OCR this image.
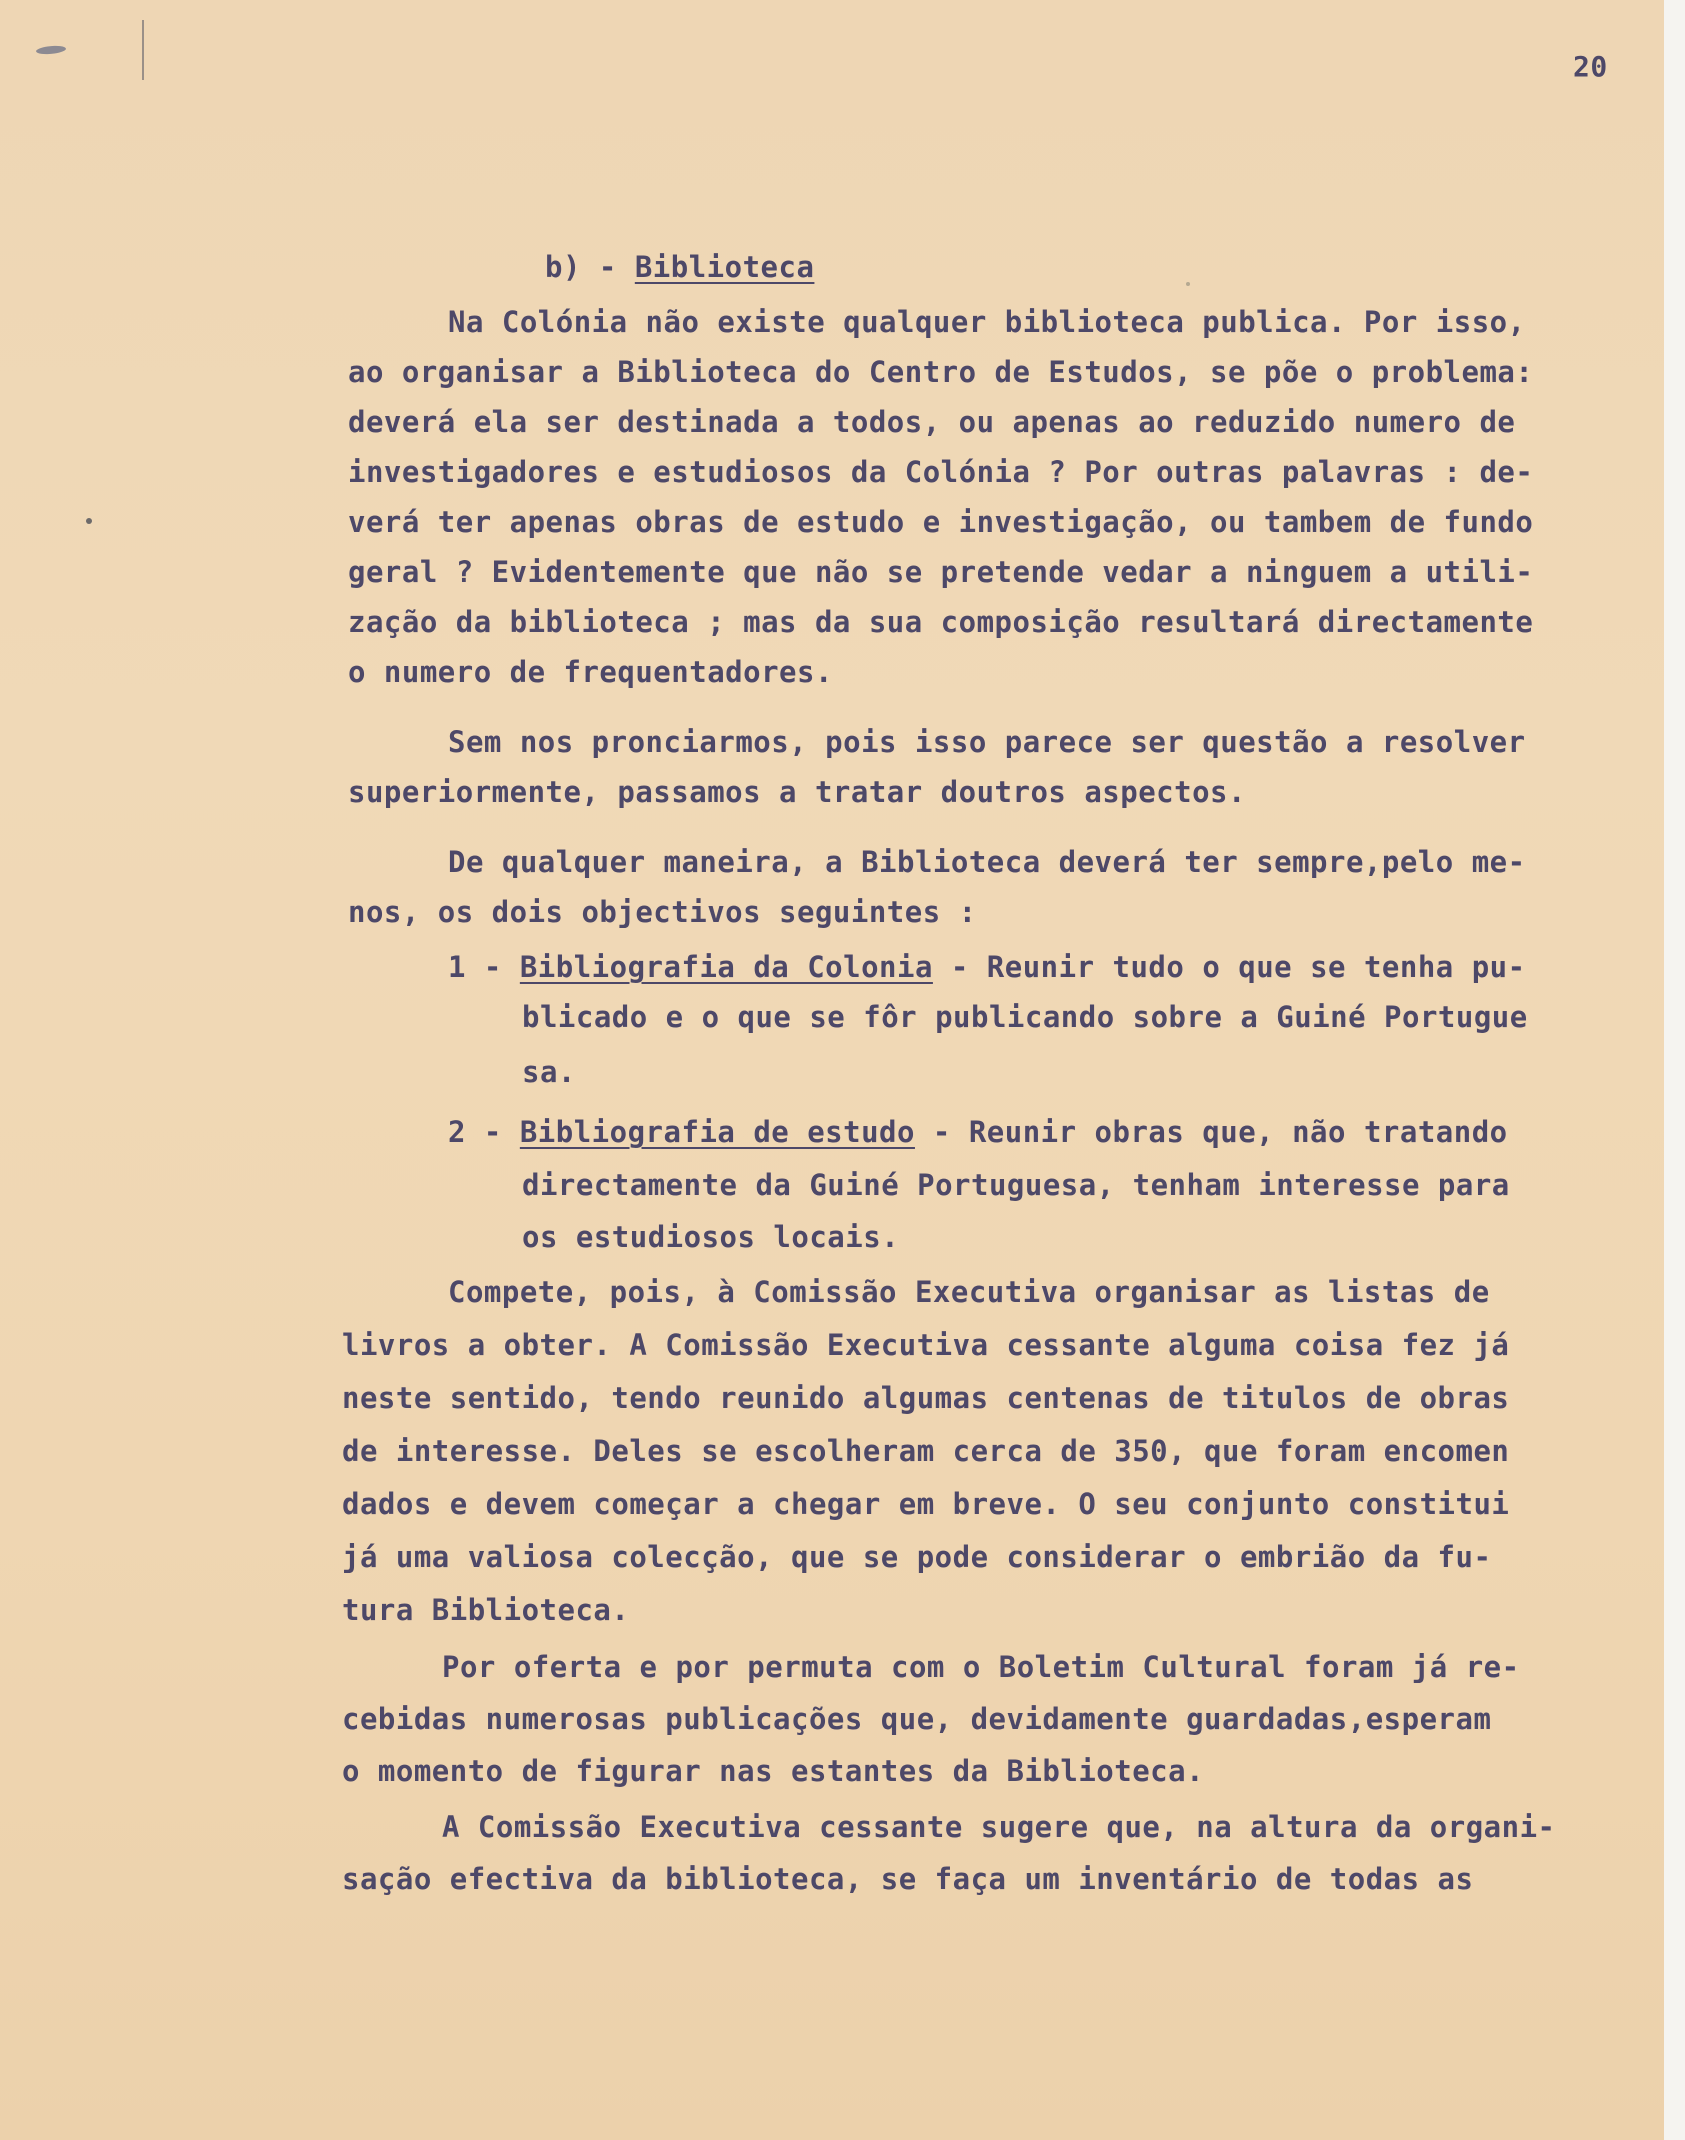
20
b) - Biblioteca
Na Colónia não existe qualquer biblioteca publica. Por isso,
ao organisar a Biblioteca do Centro de Estudos, se põe o problema:
deverá ela ser destinada a todos, ou apenas ao reduzido numero de
investigadores e estudiosos da Colónia ? Por outras palavras : de-
verá ter apenas obras de estudo e investigação, ou tambem de fundo
geral ? Evidentemente que não se pretende vedar a ninguem a utili-
zação da biblioteca ; mas da sua composição resultará directamente
o numero de frequentadores.
Sem nos pronciarmos, pois isso parece ser questão a resolver
superiormente, passamos a tratar doutros aspectos.
De qualquer maneira, a Biblioteca deverá ter sempre,pelo me-
nos, os dois objectivos seguintes :
1 - Bibliografia da Colonia - Reunir tudo o que se tenha pu-
blicado e o que se fôr publicando sobre a Guiné Portugue
sa.
2 - Bibliografia de estudo - Reunir obras que, não tratando
directamente da Guiné Portuguesa, tenham interesse para
os estudiosos locais.
Compete, pois, à Comissão Executiva organisar as listas de
livros a obter. A Comissão Executiva cessante alguma coisa fez já
neste sentido, tendo reunido algumas centenas de titulos de obras
de interesse. Deles se escolheram cerca de 350, que foram encomen
dados e devem começar a chegar em breve. O seu conjunto constitui
já uma valiosa colecção, que se pode considerar o embrião da fu-
tura Biblioteca.
Por oferta e por permuta com o Boletim Cultural foram já re-
cebidas numerosas publicações que, devidamente guardadas,esperam
o momento de figurar nas estantes da Biblioteca.
A Comissão Executiva cessante sugere que, na altura da organi-
sação efectiva da biblioteca, se faça um inventário de todas as
